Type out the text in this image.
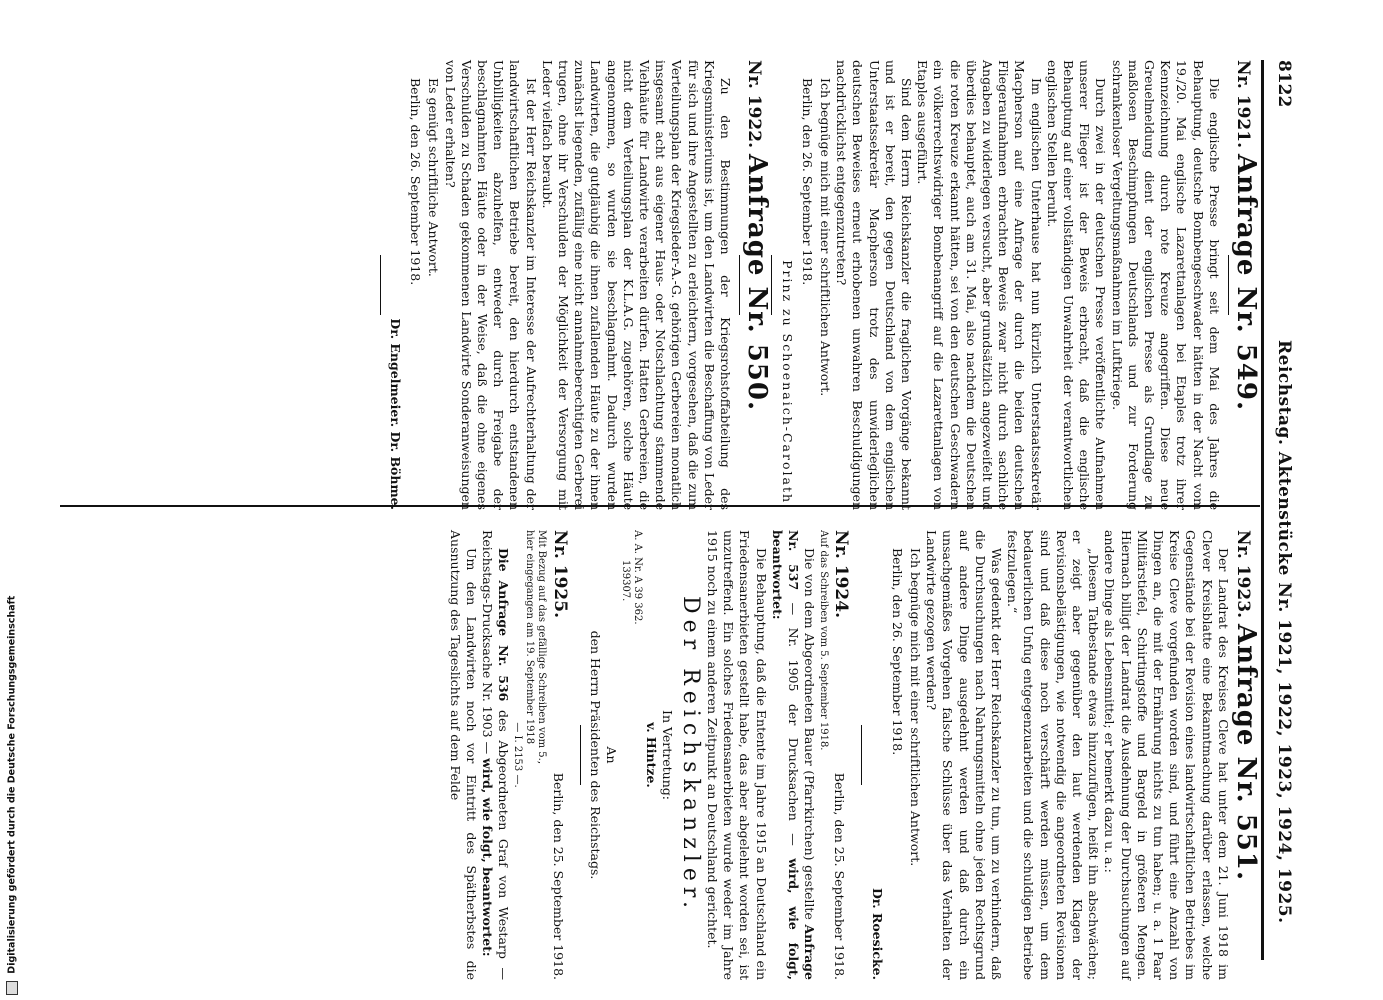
8122
Reichstag. Aktenstücke Nr. 1921, 1922, 1923, 1924, 1925.
Nr. 1921. Anfrage Nr. 549.

Die englische Presse bringt seit dem Mai des Jahres die Behauptung, deutsche Bombengeschwader hätten in der Nacht vom 19./20. Mai englische Lazarettanlagen bei Etaples trotz ihrer Kennzeichnung durch rote Kreuze angegriffen. Diese neue Greuelmeldung dient der englischen Presse als Grundlage zu maßlosen Beschimpfungen Deutschlands und zur Forderung schrankenloser Vergeltungsmaßnahmen im Luftkriege.

Durch zwei in der deutschen Presse veröffentlichte Aufnahmen unserer Flieger ist der Beweis erbracht, daß die englische Behauptung auf einer vollständigen Unwahrheit der verantwortlichen englischen Stellen beruht.

Im englischen Unterhause hat nun kürzlich Unterstaatssekretär Macpherson auf eine Anfrage der durch die beiden deutschen Fliegeraufnahmen erbrachten Beweis zwar nicht durch sachliche Angaben zu widerlegen versucht, aber grundsätzlich angezweifelt und überdies behauptet, auch am 31. Mai, also nachdem die Deutschen die roten Kreuze erkannt hätten, sei von den deutschen Geschwadern ein völkerrechtswidriger Bombenangriff auf die Lazarettanlagen von Etaples ausgeführt.

Sind dem Herrn Reichskanzler die fraglichen Vorgänge bekannt und ist er bereit, den gegen Deutschland von dem englischen Unterstaatssekretär Macpherson trotz des unwiderleglichen deutschen Beweises erneut erhobenen unwahren Beschuldigungen nachdrücklichst entgegenzutreten?

Ich begnüge mich mit einer schriftlichen Antwort.

Berlin, den 26. September 1918.

Prinz zu Schoenaich-Carolath.
Nr. 1922. Anfrage Nr. 550.

Zu den Bestimmungen der Kriegsrohstoffabteilung des Kriegsministeriums ist, um den Landwirten die Beschaffung von Leder für sich und ihre Angestellten zu erleichtern, vorgesehen, daß die zum Verteilungsplan der Kriegsleder-A.-G. gehörigen Gerbereien monatlich insgesamt acht aus eigener Haus- oder Notschlachtung stammende Viehhäute für Landwirte verarbeiten dürfen. Hatten Gerbereien, die nicht dem Verteilungsplan der K.L.A.G. zugehören, solche Häute angenommen, so wurden sie beschlagnahmt. Dadurch wurden Landwirten, die gutgläubig die ihnen zufallenden Häute zu der ihnen zunächst liegenden, zufällig eine nicht annahmeberechtigten Gerberei trugen, ohne ihr Verschulden der Möglichkeit der Versorgung mit Leder vielfach beraubt.

Ist der Herr Reichskanzler im Interesse der Aufrechterhaltung der landwirtschaftlichen Betriebe bereit, den hierdurch entstandenen Unbilligkeiten abzuhelfen, entweder durch Freigabe der beschlagnahmten Häute oder in der Weise, daß die ohne eigenes Verschulden zu Schaden gekommenen Landwirte Sonderanweisungen von Leder erhalten?

Es genügt schriftliche Antwort.

Berlin, den 26. September 1918.

Dr. Engelmeier. Dr. Böhme.
Nr. 1923. Anfrage Nr. 551.

Der Landrat des Kreises Cleve hat unter dem 21. Juni 1918 im Clever Kreisblatte eine Bekanntmachung darüber erlassen, welche Gegenstände bei der Revision eines landwirtschaftlichen Betriebes im Kreise Cleve vorgefunden worden sind, und führt eine Anzahl von Dingen an, die mit der Ernährung nichts zu tun haben; u. a. 1 Paar Militärstiefel, Schirtingstoffe und Bargeld in größeren Mengen. Hiernach billigt der Landrat die Ausdehnung der Durchsuchungen auf andere Dinge als Lebensmittel; er bemerkt dazu u. a.:

„Diesem Tatbestande etwas hinzuzufügen, heißt ihn abschwächen; er zeigt aber gegenüber den laut werdenden Klagen der Revisionsbelästigungen, wie notwendig die angeordneten Revisionen sind und daß diese noch verschärft werden müssen, um dem bedauerlichen Unfug entgegenzuarbeiten und die schuldigen Betriebe festzulegen.“

Was gedenkt der Herr Reichskanzler zu tun, um zu verhindern, daß die Durchsuchungen nach Nahrungsmitteln ohne jeden Rechtsgrund auf andere Dinge ausgedehnt werden und daß durch ein unsachgemäßes Vorgehen falsche Schlüsse über das Verhalten der Landwirte gezogen werden?

Ich begnüge mich mit einer schriftlichen Antwort.

Berlin, den 26. September 1918.

Dr. Roesicke.
Nr. 1924.
Berlin, den 25. September 1918.
Auf das Schreiben vom 5. September 1918.

Die von dem Abgeordneten Bauer (Pfarrkirchen) gestellte Anfrage Nr. 537 — Nr. 1905 der Drucksachen — wird, wie folgt, beantwortet:

Die Behauptung, daß die Entente im Jahre 1915 an Deutschland ein Friedensanerbieten gestellt habe, das aber abgelehnt worden sei, ist unzutreffend. Ein solches Friedensanerbieten wurde weder im Jahre 1915 noch zu einem anderen Zeitpunkt an Deutschland gerichtet.

Der Reichskanzler.
In Vertretung:
v. Hintze.
A. A. Nr. A 39 362.
139307.
An
den Herrn Präsidenten des Reichstags.
Nr. 1925.
Berlin, den 25. September 1918.
Mit Bezug auf das gefällige Schreiben vom 5.,
hier eingegangen am 19. September 1918
— I. 2153 —.

Die Anfrage Nr. 536 des Abgeordneten Graf von Westarp — Reichstags-Drucksache Nr. 1903 — wird, wie folgt, beantwortet:

Um den Landwirten noch vor Eintritt des Spätherbstes die Ausnutzung des Tageslichts auf dem Felde

Digitalisierung gefördert durch die Deutsche Forschungsgemeinschaft
